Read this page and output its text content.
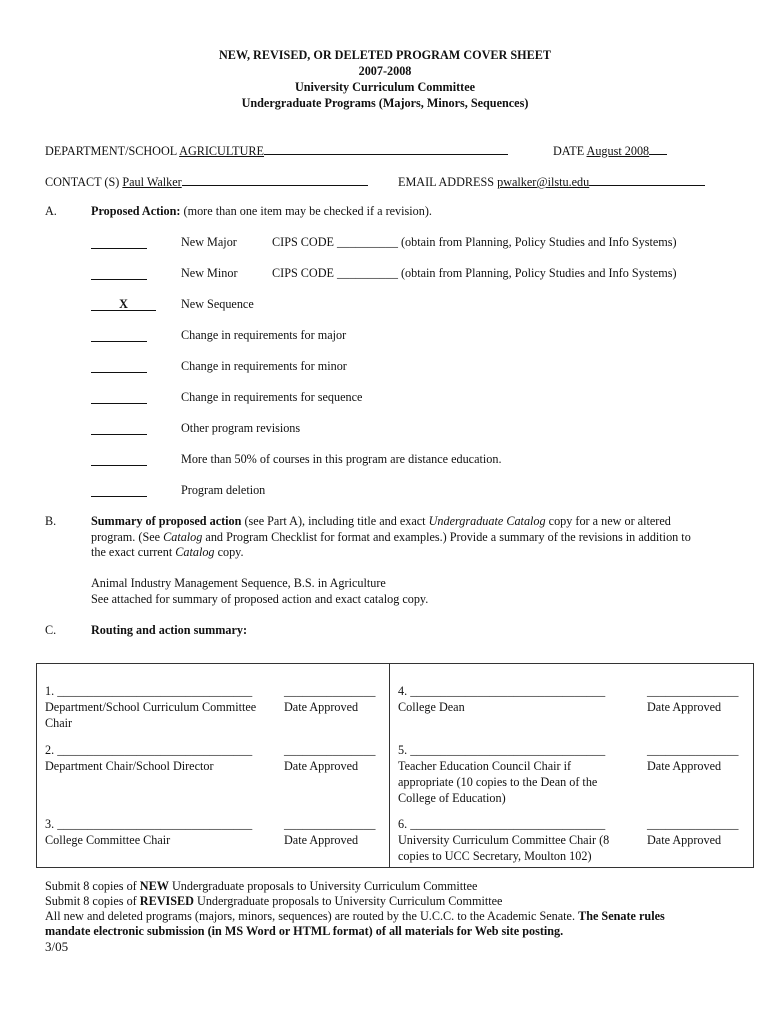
NEW, REVISED, OR DELETED PROGRAM COVER SHEET
2007-2008
University Curriculum Committee
Undergraduate Programs (Majors, Minors, Sequences)
DEPARTMENT/SCHOOL AGRICULTURE	DATE August 2008
CONTACT (S) Paul Walker	EMAIL ADDRESS pwalker@ilstu.edu
A.	Proposed Action: (more than one item may be checked if a revision).
New Major	CIPS CODE __________ (obtain from Planning, Policy Studies and Info Systems)
New Minor	CIPS CODE __________ (obtain from Planning, Policy Studies and Info Systems)
X	New Sequence
Change in requirements for major
Change in requirements for minor
Change in requirements for sequence
Other program revisions
More than 50% of courses in this program are distance education.
Program deletion
B.	Summary of proposed action (see Part A), including title and exact Undergraduate Catalog copy for a new or altered
program. (See Catalog and Program Checklist for format and examples.) Provide a summary of the revisions in addition to
the exact current Catalog copy.
Animal Industry Management Sequence, B.S. in Agriculture
See attached for summary of proposed action and exact catalog copy.
C.	Routing and action summary:
1. ________________________________
Department/School Curriculum Committee Chair
_______________
Date Approved
4. ________________________________
College Dean
_______________
Date Approved
2. ________________________________
Department Chair/School Director
_______________
Date Approved
5. ________________________________
Teacher Education Council Chair if appropriate (10 copies to the Dean of the College of Education)
_______________
Date Approved
3. ________________________________
College Committee Chair
_______________
Date Approved
6. ________________________________
University Curriculum Committee Chair (8 copies to UCC Secretary, Moulton 102)
_______________
Date Approved
Submit 8 copies of NEW Undergraduate proposals to University Curriculum Committee
Submit 8 copies of REVISED Undergraduate proposals to University Curriculum Committee
All new and deleted programs (majors, minors, sequences) are routed by the U.C.C. to the Academic Senate. The Senate rules
mandate electronic submission (in MS Word or HTML format) of all materials for Web site posting.
3/05
